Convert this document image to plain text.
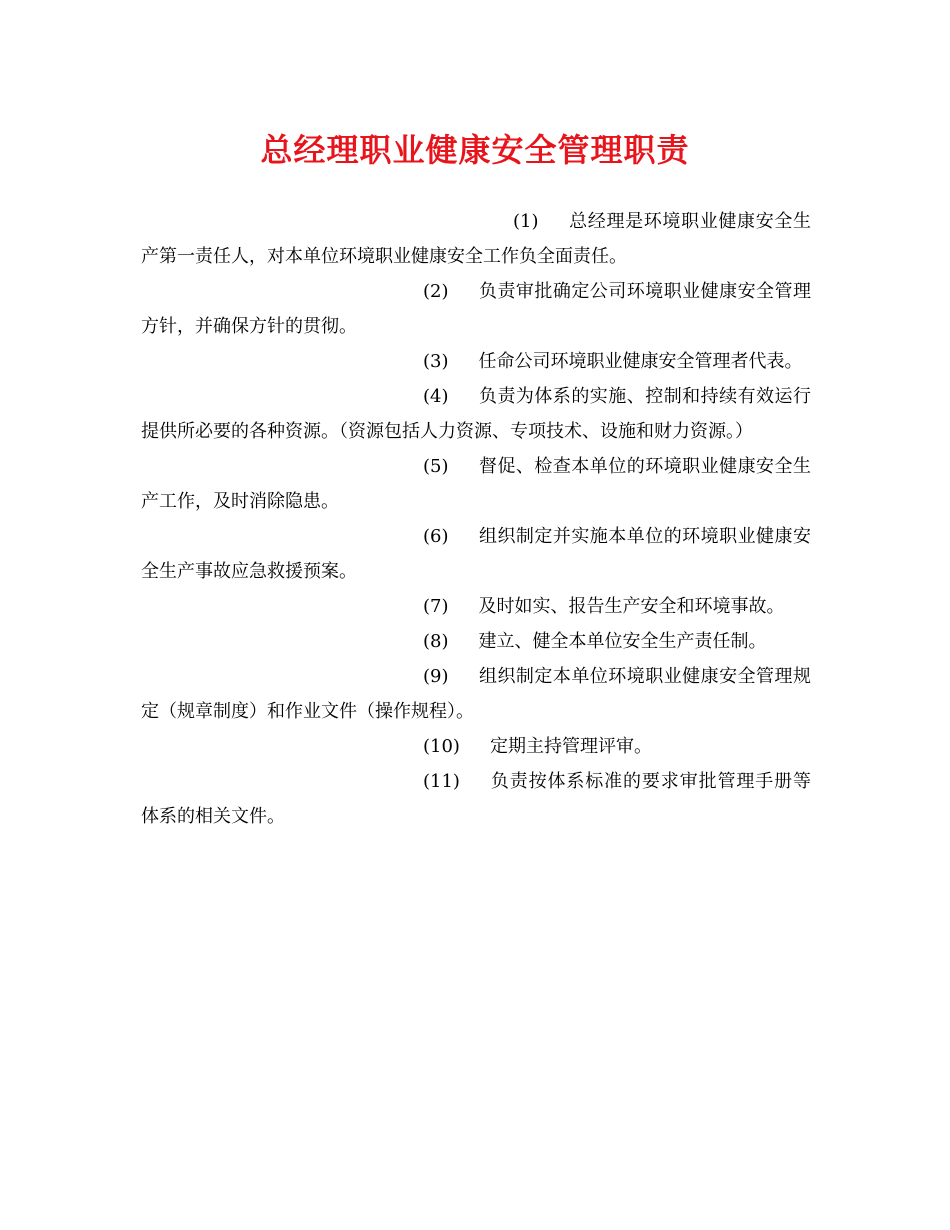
总经理职业健康安全管理职责

(1) 总经理是环境职业健康安全生产第一责任人，对本单位环境职业健康安全工作负全面责任。

(2) 负责审批确定公司环境职业健康安全管理方针，并确保方针的贯彻。

(3) 任命公司环境职业健康安全管理者代表。

(4) 负责为体系的实施、控制和持续有效运行提供所必要的各种资源。（资源包括人力资源、专项技术、设施和财力资源。）

(5) 督促、检查本单位的环境职业健康安全生产工作，及时消除隐患。

(6) 组织制定并实施本单位的环境职业健康安全生产事故应急救援预案。

(7) 及时如实、报告生产安全和环境事故。

(8) 建立、健全本单位安全生产责任制。

(9) 组织制定本单位环境职业健康安全管理规定（规章制度）和作业文件（操作规程）。

(10) 定期主持管理评审。

(11) 负责按体系标准的要求审批管理手册等体系的相关文件。
